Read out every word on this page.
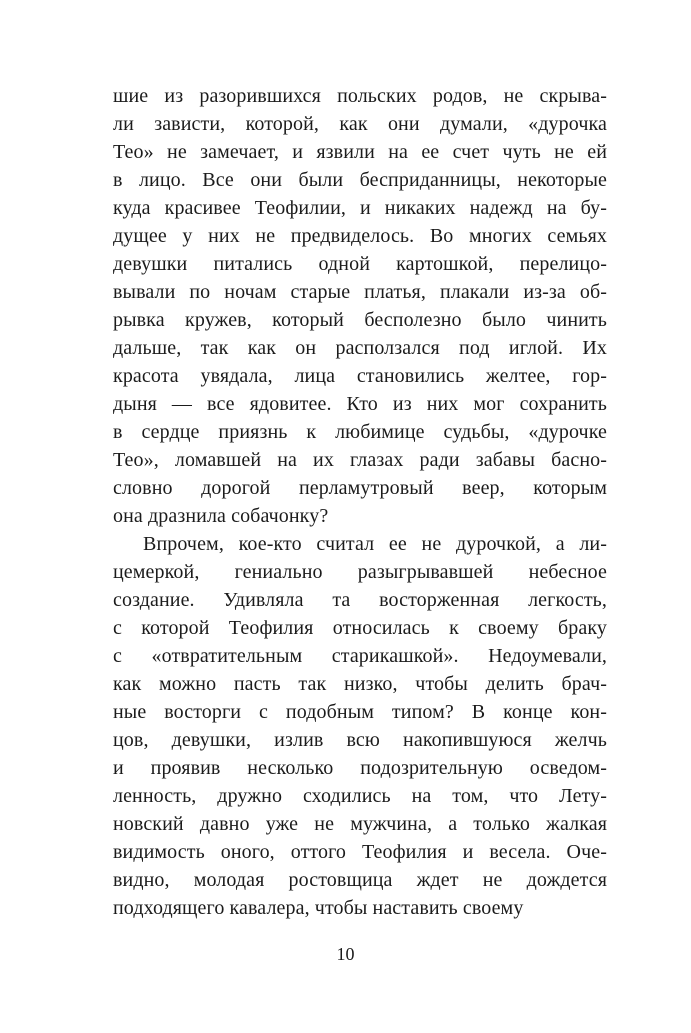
шие из разорившихся польских родов, не скрыва-
ли зависти, которой, как они думали, «дурочка
Тео» не замечает, и язвили на ее счет чуть не ей
в лицо. Все они были бесприданницы, некоторые
куда красивее Теофилии, и никаких надежд на бу-
дущее у них не предвиделось. Во многих семьях
девушки питались одной картошкой, перелицо-
вывали по ночам старые платья, плакали из-за об-
рывка кружев, который бесполезно было чинить
дальше, так как он расползался под иглой. Их
красота увядала, лица становились желтее, гор-
дыня — все ядовитее. Кто из них мог сохранить
в сердце приязнь к любимице судьбы, «дурочке
Тео», ломавшей на их глазах ради забавы басно-
словно дорогой перламутровый веер, которым
она дразнила собачонку?
Впрочем, кое-кто считал ее не дурочкой, а ли-
цемеркой, гениально разыгрывавшей небесное
создание. Удивляла та восторженная легкость,
с которой Теофилия относилась к своему браку
с «отвратительным старикашкой». Недоумевали,
как можно пасть так низко, чтобы делить брач-
ные восторги с подобным типом? В конце кон-
цов, девушки, излив всю накопившуюся желчь
и проявив несколько подозрительную осведом-
ленность, дружно сходились на том, что Лету-
новский давно уже не мужчина, а только жалкая
видимость оного, оттого Теофилия и весела. Оче-
видно, молодая ростовщица ждет не дождется
подходящего кавалера, чтобы наставить своему
10
